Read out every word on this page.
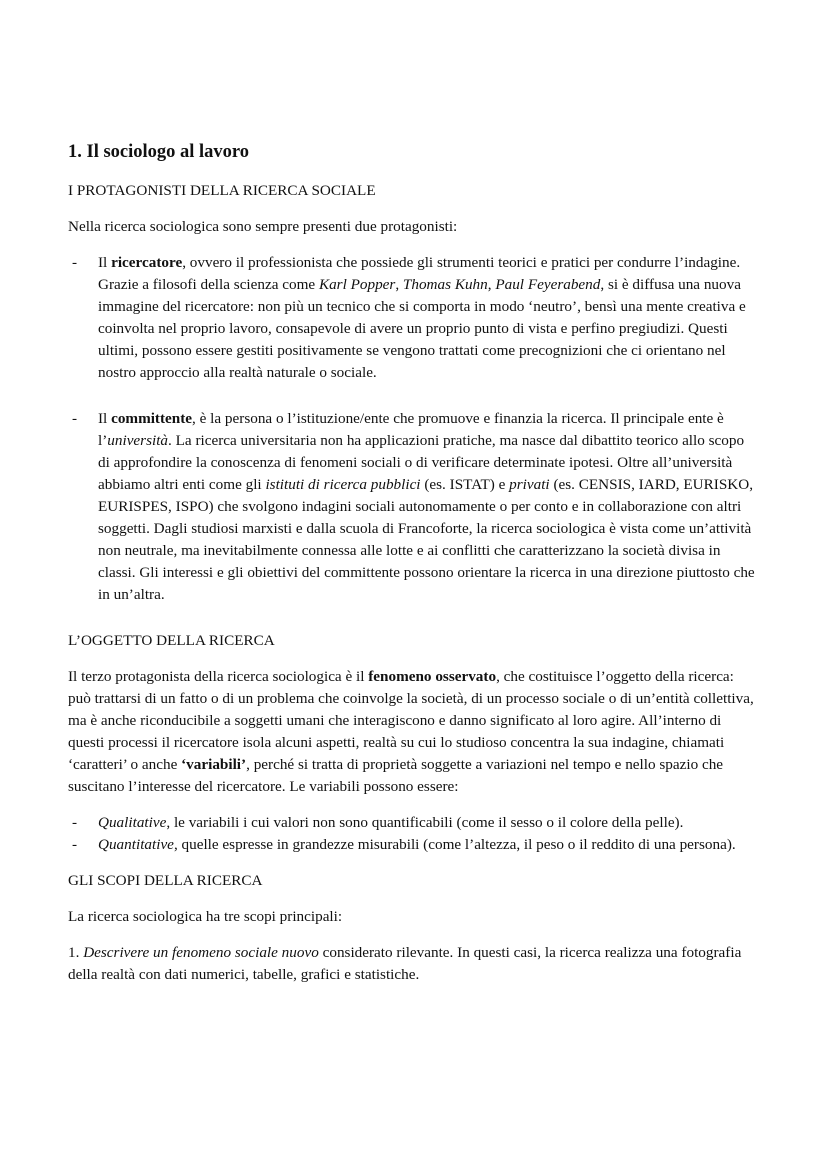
1. Il sociologo al lavoro
I PROTAGONISTI DELLA RICERCA SOCIALE

Nella ricerca sociologica sono sempre presenti due protagonisti:

- Il ricercatore, ovvero il professionista che possiede gli strumenti teorici e pratici per condurre l’indagine. Grazie a filosofi della scienza come Karl Popper, Thomas Kuhn, Paul Feyerabend, si è diffusa una nuova immagine del ricercatore: non più un tecnico che si comporta in modo ‘neutro’, bensì una mente creativa e coinvolta nel proprio lavoro, consapevole di avere un proprio punto di vista e perfino pregiudizi. Questi ultimi, possono essere gestiti positivamente se vengono trattati come precognizioni che ci orientano nel nostro approccio alla realtà naturale o sociale.
- Il committente, è la persona o l’istituzione/ente che promuove e finanzia la ricerca. Il principale ente è l’università. La ricerca universitaria non ha applicazioni pratiche, ma nasce dal dibattito teorico allo scopo di approfondire la conoscenza di fenomeni sociali o di verificare determinate ipotesi. Oltre all’università abbiamo altri enti come gli istituti di ricerca pubblici (es. ISTAT) e privati (es. CENSIS, IARD, EURISKO, EURISPES, ISPO) che svolgono indagini sociali autonomamente o per conto e in collaborazione con altri soggetti. Dagli studiosi marxisti e dalla scuola di Francoforte, la ricerca sociologica è vista come un’attività non neutrale, ma inevitabilmente connessa alle lotte e ai conflitti che caratterizzano la società divisa in classi. Gli interessi e gli obiettivi del committente possono orientare la ricerca in una direzione piuttosto che in un’altra.
L’OGGETTO DELLA RICERCA

Il terzo protagonista della ricerca sociologica è il fenomeno osservato, che costituisce l’oggetto della ricerca: può trattarsi di un fatto o di un problema che coinvolge la società, di un processo sociale o di un’entità collettiva, ma è anche riconducibile a soggetti umani che interagiscono e danno significato al loro agire. All’interno di questi processi il ricercatore isola alcuni aspetti, realtà su cui lo studioso concentra la sua indagine, chiamati ‘caratteri’ o anche ‘variabili’, perché si tratta di proprietà soggette a variazioni nel tempo e nello spazio che suscitano l’interesse del ricercatore. Le variabili possono essere:

- Qualitative, le variabili i cui valori non sono quantificabili (come il sesso o il colore della pelle).
- Quantitative, quelle espresse in grandezze misurabili (come l’altezza, il peso o il reddito di una persona).
GLI SCOPI DELLA RICERCA

La ricerca sociologica ha tre scopi principali:

1. Descrivere un fenomeno sociale nuovo considerato rilevante. In questi casi, la ricerca realizza una fotografia della realtà con dati numerici, tabelle, grafici e statistiche.
